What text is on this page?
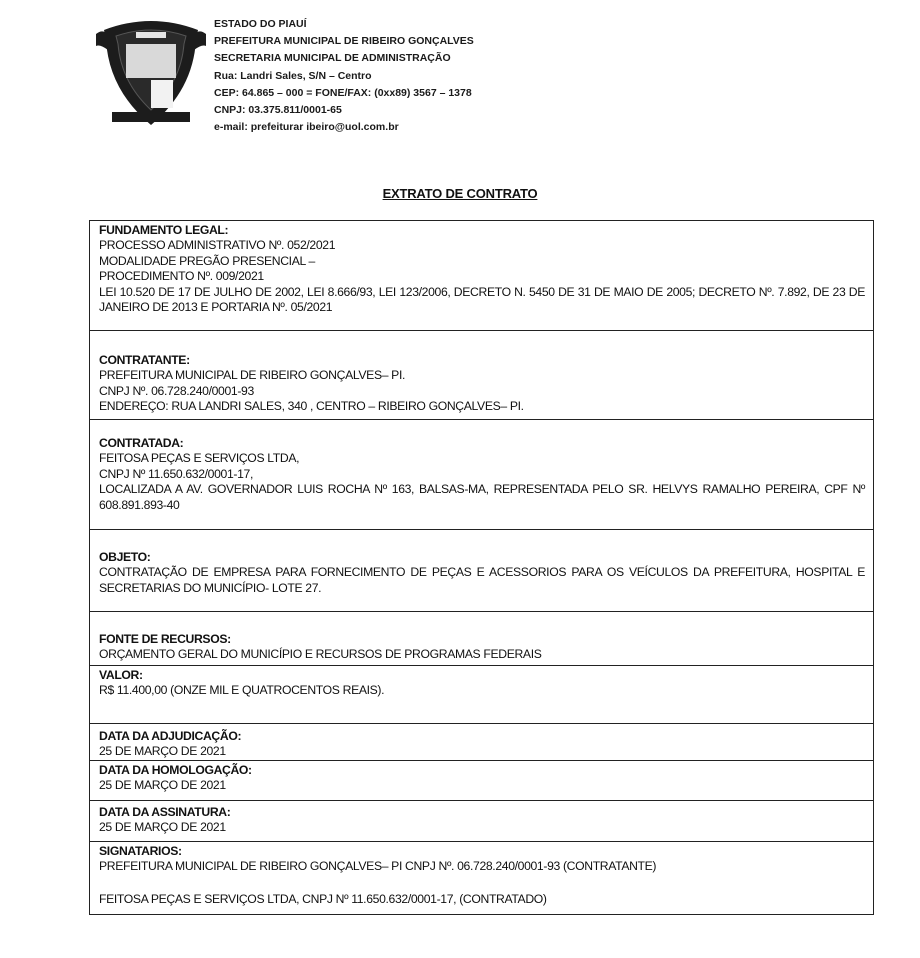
ESTADO DO PIAUÍ
PREFEITURA MUNICIPAL DE RIBEIRO GONÇALVES
SECRETARIA MUNICIPAL DE ADMINISTRAÇÃO
Rua: Landri Sales, S/N – Centro
CEP: 64.865 – 000 = FONE/FAX: (0xx89) 3567 – 1378
CNPJ: 03.375.811/0001-65
e-mail: prefeiturar ibeiro@uol.com.br
EXTRATO DE CONTRATO
FUNDAMENTO LEGAL:
PROCESSO ADMINISTRATIVO Nº. 052/2021
MODALIDADE PREGÃO PRESENCIAL –
PROCEDIMENTO Nº. 009/2021
LEI 10.520 DE 17 DE JULHO DE 2002, LEI 8.666/93, LEI 123/2006, DECRETO N. 5450 DE 31 DE MAIO DE 2005; DECRETO Nº. 7.892, DE 23 DE JANEIRO DE 2013 E PORTARIA Nº. 05/2021
CONTRATANTE:
PREFEITURA MUNICIPAL DE RIBEIRO GONÇALVES– PI.
CNPJ Nº. 06.728.240/0001-93
ENDEREÇO: RUA LANDRI SALES, 340 , CENTRO – RIBEIRO GONÇALVES– PI.
CONTRATADA:
FEITOSA PEÇAS E SERVIÇOS LTDA,
CNPJ Nº 11.650.632/0001-17,
LOCALIZADA A AV. GOVERNADOR LUIS ROCHA Nº 163, BALSAS-MA, REPRESENTADA PELO SR. HELVYS RAMALHO PEREIRA, CPF Nº 608.891.893-40
OBJETO:
CONTRATAÇÃO DE EMPRESA PARA FORNECIMENTO DE PEÇAS E ACESSORIOS PARA OS VEÍCULOS DA PREFEITURA, HOSPITAL E SECRETARIAS DO MUNICÍPIO- LOTE 27.
FONTE DE RECURSOS:
ORÇAMENTO GERAL DO MUNICÍPIO E RECURSOS DE PROGRAMAS FEDERAIS
VALOR:
R$ 11.400,00 (ONZE MIL E QUATROCENTOS REAIS).
DATA DA ADJUDICAÇÃO:
25 DE MARÇO DE 2021
DATA DA HOMOLOGAÇÃO:
25 DE MARÇO DE 2021
DATA DA ASSINATURA:
25 DE MARÇO DE 2021
SIGNATARIOS:
PREFEITURA MUNICIPAL DE RIBEIRO GONÇALVES– PI CNPJ Nº. 06.728.240/0001-93 (CONTRATANTE)
FEITOSA PEÇAS E SERVIÇOS LTDA, CNPJ Nº 11.650.632/0001-17, (CONTRATADO)
